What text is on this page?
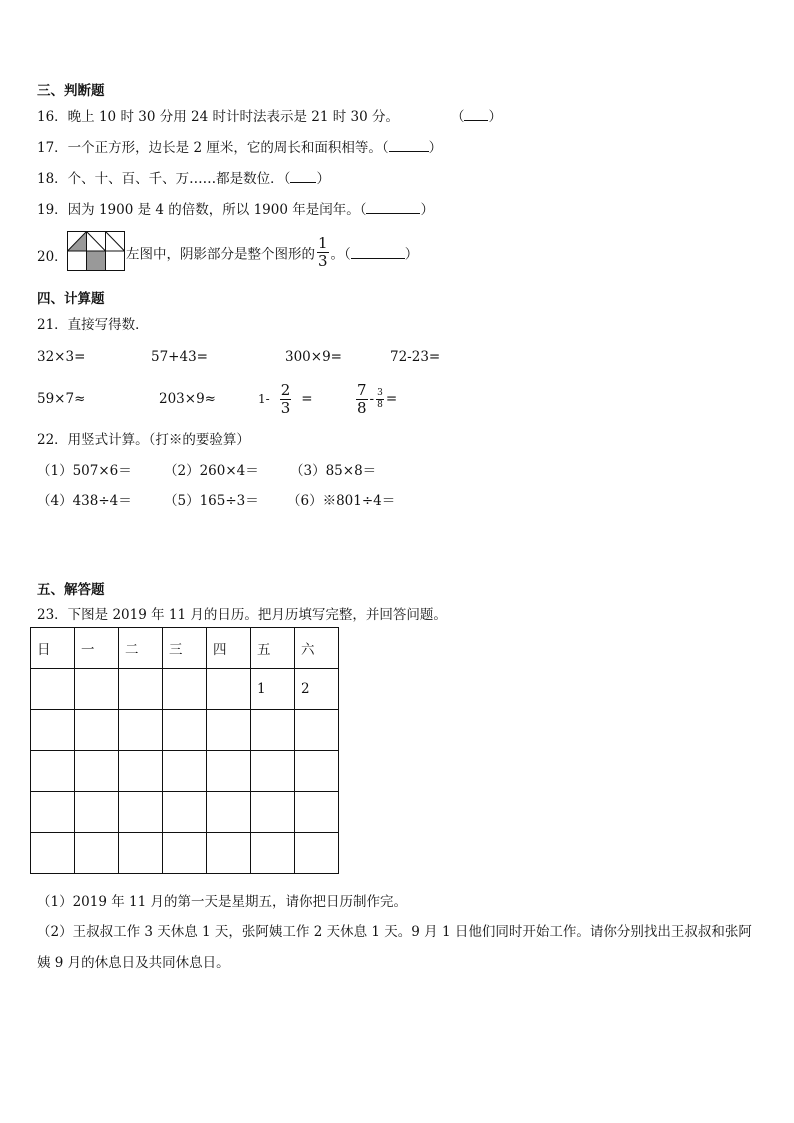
三、判断题
16．晚上 10 时 30 分用 24 时计时法表示是 21 时 30 分。	（ ）
17．一个正方形，边长是 2 厘米，它的周长和面积相等。（	）
18．个、十、百、千、万……都是数位．（ ）
19．因为 1900 是 4 的倍数，所以 1900 年是闰年。（	）
20．	左图中，阴影部分是整个图形的 $\frac{1}{3}$ 。（	）
四、计算题
21．直接写得数．
32×3=	57+43=	300×9=	72-23=
59×7≈	203×9≈	$1- \frac{2}{3}$ =	$\frac{7}{8} - \frac{3}{8}$ =
22．用竖式计算。（打※的要验算）
（1）507×6＝ （2）260×4＝ （3）85×8＝
（4）438÷4＝ （5）165÷3＝ （6）※801÷4＝
五、解答题
23．下图是 2019 年 11 月的日历。把月历填写完整，并回答问题。
日	一	二	三	四	五	六
					1	2

（1）2019 年 11 月的第一天是星期五，请你把日历制作完。
（2）王叔叔工作 3 天休息 1 天，张阿姨工作 2 天休息 1 天。9 月 1 日他们同时开始工作。请你分别找出王叔叔和张阿
姨 9 月的休息日及共同休息日。
